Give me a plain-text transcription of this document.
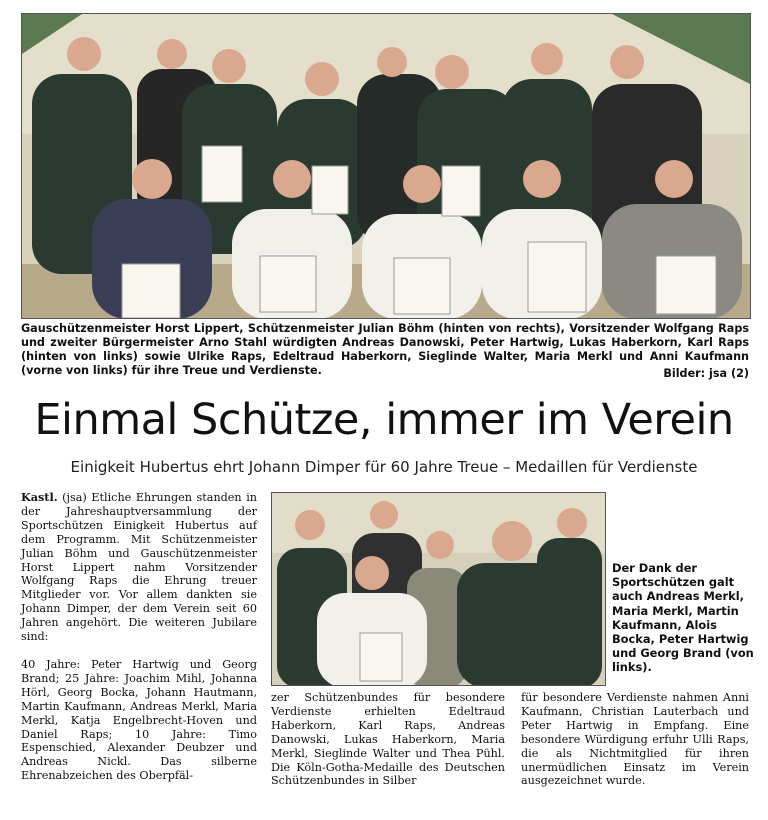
Gauschützenmeister Horst Lippert, Schützenmeister Julian Böhm (hinten von rechts), Vorsitzender Wolfgang Raps und zweiter Bürgermeister Arno Stahl würdigten Andreas Danowski, Peter Hartwig, Lukas Haberkorn, Karl Raps (hinten von links) sowie Ulrike Raps, Edeltraud Haberkorn, Sieglinde Walter, Maria Merkl und Anni Kaufmann (vorne von links) für ihre Treue und Verdienste.	Bilder: jsa (2)
Einmal Schütze, immer im Verein
Einigkeit Hubertus ehrt Johann Dimper für 60 Jahre Treue – Medaillen für Verdienste

Kastl. (jsa) Etliche Ehrungen standen in der Jahreshauptversammlung der Sportschützen Einigkeit Hubertus auf dem Programm. Mit Schützenmeister Julian Böhm und Gauschützenmeister Horst Lippert nahm Vorsitzender Wolfgang Raps die Ehrung treuer Mitglieder vor. Vor allem dankten sie Johann Dimper, der dem Verein seit 60 Jahren angehört. Die weiteren Jubilare sind:

40 Jahre: Peter Hartwig und Georg Brand; 25 Jahre: Joachim Mihl, Johanna Hörl, Georg Bocka, Johann Hautmann, Martin Kaufmann, Andreas Merkl, Maria Merkl, Katja Engelbrecht-Hoven und Daniel Raps; 10 Jahre: Timo Espenschied, Alexander Deubzer und Andreas Nickl. Das silberne Ehrenabzeichen des Oberpfäl-

Der Dank der Sportschützen galt auch Andreas Merkl, Maria Merkl, Martin Kaufmann, Alois Bocka, Peter Hartwig und Georg Brand (von links).
zer Schützenbundes für besondere Verdienste erhielten Edeltraud Haberkorn, Karl Raps, Andreas Danowski, Lukas Haberkorn, Maria Merkl, Sieglinde Walter und Thea Pühl. Die Köln-Gotha-Medaille des Deutschen Schützenbundes in Silber
für besondere Verdienste nahmen Anni Kaufmann, Christian Lauterbach und Peter Hartwig in Empfang. Eine besondere Würdigung erfuhr Ulli Raps, die als Nichtmitglied für ihren unermüdlichen Einsatz im Verein ausgezeichnet wurde.
